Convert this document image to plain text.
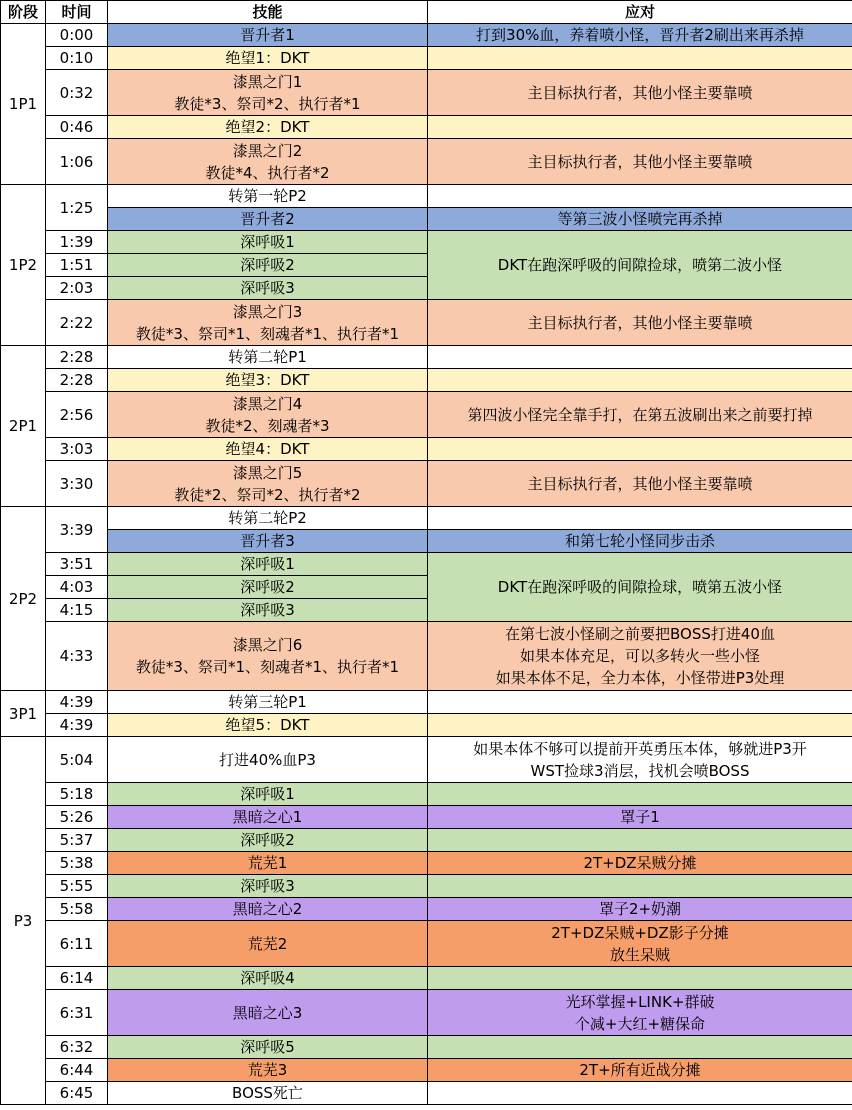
阶段	时间	技能	应对
1P1	0:00	晋升者1	打到30%血，养着喷小怪，晋升者2刷出来再杀掉

	0:10	绝望1：DKT	

	0:32	漆黑之门1
教徒*3、祭司*2、执行者*1	主目标执行者，其他小怪主要靠喷

	0:46	绝望2：DKT	

	1:06	漆黑之门2
教徒*4、执行者*2	主目标执行者，其他小怪主要靠喷

1P2	1:25	转第一轮P2	

		晋升者2	等第三波小怪喷完再杀掉

	1:39	深呼吸1	DKT在跑深呼吸的间隙捡球，喷第二波小怪

	1:51	深呼吸2	

	2:03	深呼吸3	

	2:22	漆黑之门3
教徒*3、祭司*1、刻魂者*1、执行者*1	主目标执行者，其他小怪主要靠喷

2P1	2:28	转第二轮P1	

	2:28	绝望3：DKT	

	2:56	漆黑之门4
教徒*2、刻魂者*3	第四波小怪完全靠手打，在第五波刷出来之前要打掉

	3:03	绝望4：DKT	

	3:30	漆黑之门5
教徒*2、祭司*2、执行者*2	主目标执行者，其他小怪主要靠喷

2P2	3:39	转第二轮P2	

		晋升者3	和第七轮小怪同步击杀

	3:51	深呼吸1	DKT在跑深呼吸的间隙捡球，喷第五波小怪

	4:03	深呼吸2	

	4:15	深呼吸3	

	4:33	漆黑之门6
教徒*3、祭司*1、刻魂者*1、执行者*1	在第七波小怪刷之前要把BOSS打进40血
如果本体充足，可以多转火一些小怪
如果本体不足，全力本体，小怪带进P3处理

3P1	4:39	转第三轮P1	

	4:39	绝望5：DKT	

P3	5:04	打进40%血P3	如果本体不够可以提前开英勇压本体，够就进P3开
WST捡球3消层，找机会喷BOSS

	5:18	深呼吸1	

	5:26	黑暗之心1	罩子1

	5:37	深呼吸2	

	5:38	荒芜1	2T+DZ呆贼分摊

	5:55	深呼吸3	

	5:58	黑暗之心2	罩子2+奶潮

	6:11	荒芜2	2T+DZ呆贼+DZ影子分摊
放生呆贼

	6:14	深呼吸4	

	6:31	黑暗之心3	光环掌握+LINK+群破
个减+大红+糖保命

	6:32	深呼吸5	

	6:44	荒芜3	2T+所有近战分摊

	6:45	BOSS死亡	
